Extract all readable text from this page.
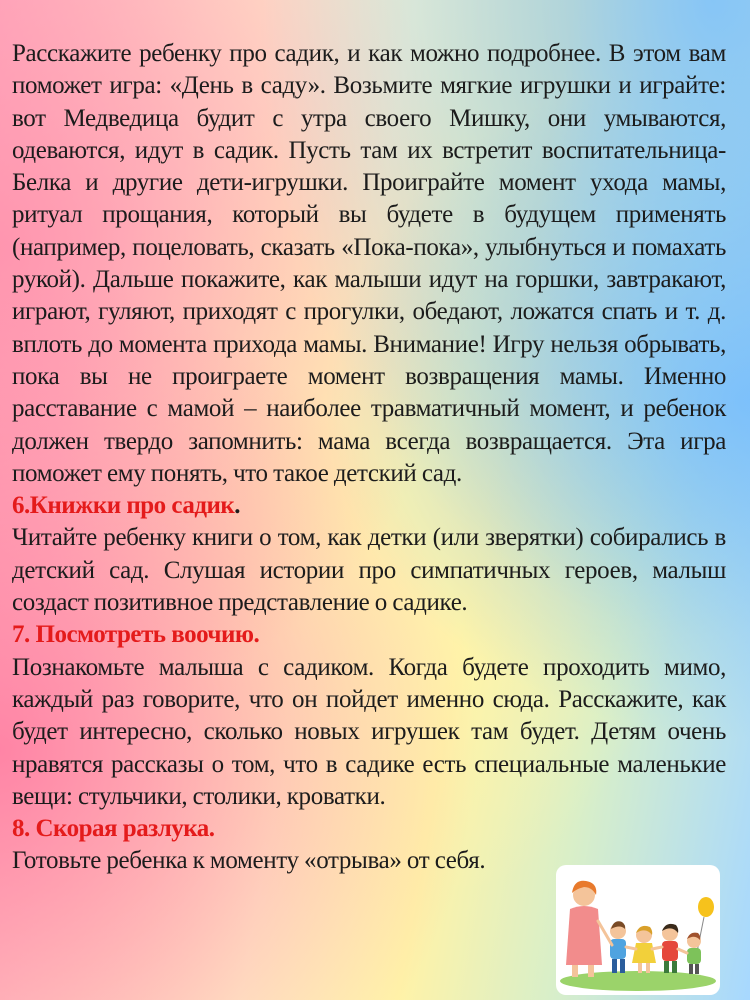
Расскажите ребенку про садик, и как можно подробнее. В этом вам поможет игра: «День в саду». Возьмите мягкие игрушки и играйте: вот Медведица будит с утра своего Мишку, они умываются, одеваются, идут в садик. Пусть там их встретит воспитательница-Белка и другие дети-игрушки. Проиграйте момент ухода мамы, ритуал прощания, который вы будете в будущем применять (например, поцеловать, сказать «Пока-пока», улыбнуться и помахать рукой). Дальше покажите, как малыши идут на горшки, завтракают, играют, гуляют, приходят с прогулки, обедают, ложатся спать и т. д. вплоть до момента прихода мамы. Внимание! Игру нельзя обрывать, пока вы не проиграете момент возвращения мамы. Именно расставание с мамой – наиболее травматичный момент, и ребенок должен твердо запомнить: мама всегда возвращается. Эта игра поможет ему понять, что такое детский сад.

6.Книжки про садик.

Читайте ребенку книги о том, как детки (или зверятки) собирались в детский сад. Слушая истории про симпатичных героев, малыш создаст позитивное представление о садике.

7. Посмотреть воочию.

Познакомьте малыша с садиком. Когда будете проходить мимо, каждый раз говорите, что он пойдет именно сюда. Расскажите, как будет интересно, сколько новых игрушек там будет. Детям очень нравятся рассказы о том, что в садике есть специальные маленькие вещи: стульчики, столики, кроватки.

8. Скорая разлука.

Готовьте ребенка к моменту «отрыва» от себя.
